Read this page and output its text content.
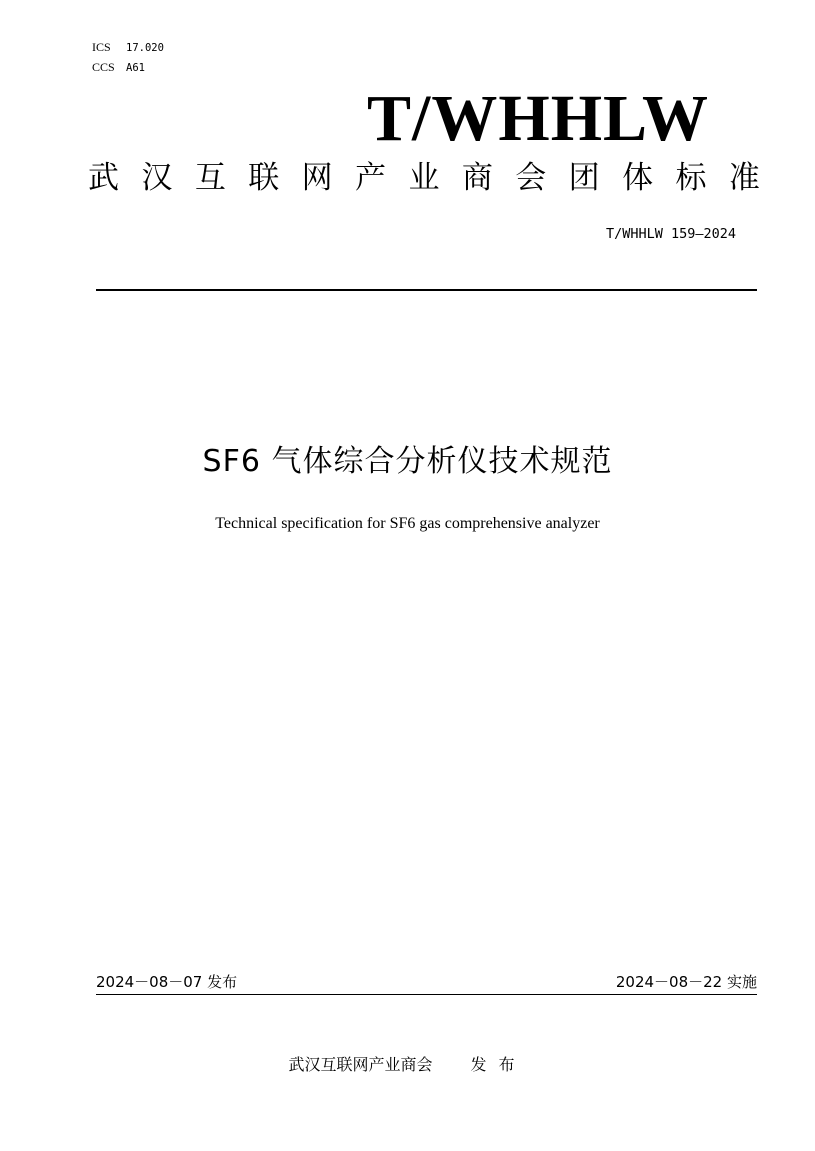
ICS 17.020
CCS A61
T/WHHLW
武 汉 互 联 网 产 业 商 会 团 体 标 准
T/WHHLW 159—2024
SF6 气体综合分析仪技术规范
Technical specification for SF6 gas comprehensive analyzer
2024－08－07 发布	2024－08－22 实施
武汉互联网产业商会 发布
